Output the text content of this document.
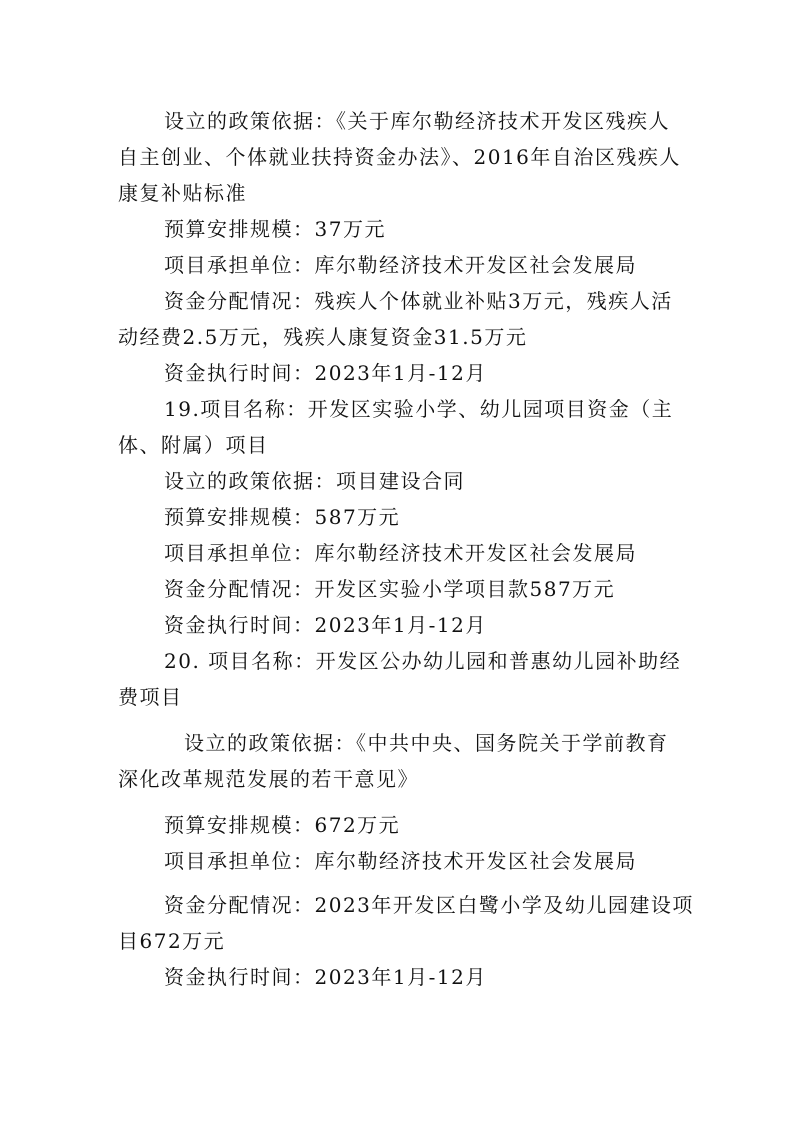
设立的政策依据：《关于库尔勒经济技术开发区残疾人
自主创业、个体就业扶持资金办法》、2016年自治区残疾人
康复补贴标准
预算安排规模：37万元
项目承担单位：库尔勒经济技术开发区社会发展局
资金分配情况：残疾人个体就业补贴3万元，残疾人活
动经费2.5万元，残疾人康复资金31.5万元
资金执行时间：2023年1月-12月
19.项目名称：开发区实验小学、幼儿园项目资金（主
体、附属）项目
设立的政策依据：项目建设合同
预算安排规模：587万元
项目承担单位：库尔勒经济技术开发区社会发展局
资金分配情况：开发区实验小学项目款587万元
资金执行时间：2023年1月-12月
20. 项目名称：开发区公办幼儿园和普惠幼儿园补助经
费项目
设立的政策依据：《中共中央、国务院关于学前教育
深化改革规范发展的若干意见》
预算安排规模：672万元
项目承担单位：库尔勒经济技术开发区社会发展局
资金分配情况：2023年开发区白鹭小学及幼儿园建设项
目672万元
资金执行时间：2023年1月-12月
